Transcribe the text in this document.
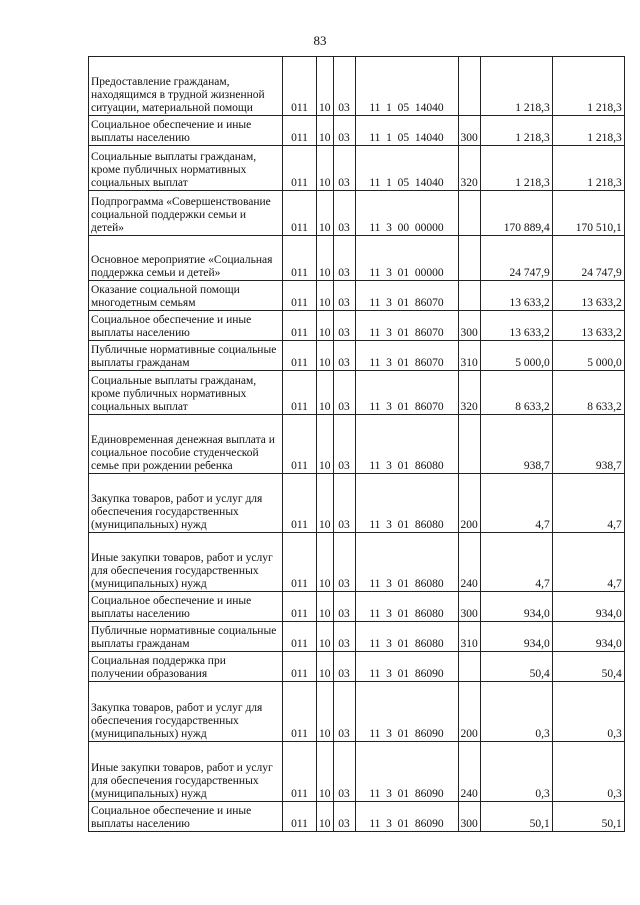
83
Предоставление гражданам, находящимся в трудной жизненной ситуации, материальной помощи	011	10	03	11  1  05  14040		1 218,3	1 218,3
Социальное обеспечение и иные выплаты населению	011	10	03	11  1  05  14040	300	1 218,3	1 218,3
Социальные выплаты гражданам, кроме публичных нормативных социальных выплат	011	10	03	11  1  05  14040	320	1 218,3	1 218,3
Подпрограмма «Совершенствование социальной поддержки семьи и детей»	011	10	03	11  3  00  00000		170 889,4	170 510,1
Основное мероприятие «Социальная поддержка семьи и детей»	011	10	03	11  3  01  00000		24 747,9	24 747,9
Оказание социальной помощи многодетным семьям	011	10	03	11  3  01  86070		13 633,2	13 633,2
Социальное обеспечение и иные выплаты населению	011	10	03	11  3  01  86070	300	13 633,2	13 633,2
Публичные нормативные социальные выплаты гражданам	011	10	03	11  3  01  86070	310	5 000,0	5 000,0
Социальные выплаты гражданам, кроме публичных нормативных социальных выплат	011	10	03	11  3  01  86070	320	8 633,2	8 633,2
Единовременная денежная выплата и социальное пособие студенческой семье при рождении ребенка	011	10	03	11  3  01  86080		938,7	938,7
Закупка товаров, работ и услуг для обеспечения государственных (муниципальных) нужд	011	10	03	11  3  01  86080	200	4,7	4,7
Иные закупки товаров, работ и услуг для обеспечения государственных (муниципальных) нужд	011	10	03	11  3  01  86080	240	4,7	4,7
Социальное обеспечение и иные выплаты населению	011	10	03	11  3  01  86080	300	934,0	934,0
Публичные нормативные социальные выплаты гражданам	011	10	03	11  3  01  86080	310	934,0	934,0
Социальная поддержка при получении образования	011	10	03	11  3  01  86090		50,4	50,4
Закупка товаров, работ и услуг для обеспечения государственных (муниципальных) нужд	011	10	03	11  3  01  86090	200	0,3	0,3
Иные закупки товаров, работ и услуг для обеспечения государственных (муниципальных) нужд	011	10	03	11  3  01  86090	240	0,3	0,3
Социальное обеспечение и иные выплаты населению	011	10	03	11  3  01  86090	300	50,1	50,1
